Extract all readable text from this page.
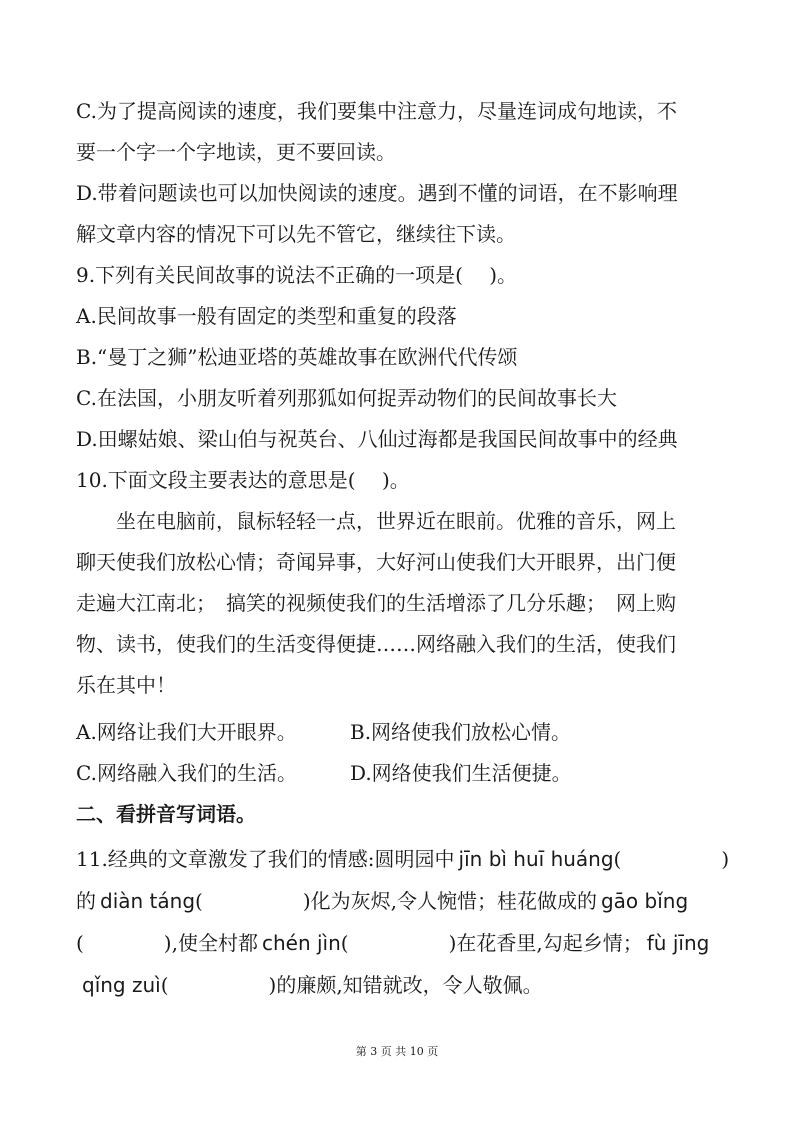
C.为了提高阅读的速度，我们要集中注意力，尽量连词成句地读，不
要一个字一个字地读，更不要回读。
D.带着问题读也可以加快阅读的速度。遇到不懂的词语，在不影响理
解文章内容的情况下可以先不管它，继续往下读。
9.下列有关民间故事的说法不正确的一项是(　 )。
A.民间故事一般有固定的类型和重复的段落
B.“曼丁之狮”松迪亚塔的英雄故事在欧洲代代传颂
C.在法国，小朋友听着列那狐如何捉弄动物们的民间故事长大
D.田螺姑娘、梁山伯与祝英台、八仙过海都是我国民间故事中的经典
10.下面文段主要表达的意思是(　 )。
坐在电脑前，鼠标轻轻一点，世界近在眼前。优雅的音乐，网上
聊天使我们放松心情；奇闻异事，大好河山使我们大开眼界，出门便
走遍大江南北；　搞笑的视频使我们的生活增添了几分乐趣；　网上购
物、读书，使我们的生活变得便捷……网络融入我们的生活，使我们
乐在其中！
A.网络让我们大开眼界。	B.网络使我们放松心情。
C.网络融入我们的生活。	D.网络使我们生活便捷。
二、看拼音写词语。
11.经典的文章激发了我们的情感:圆明园中 jīn bì huī huáng(　　　　　)
的 diàn táng(　　　　　)化为灰烬,令人惋惜；桂花做成的 gāo bǐng
(　　　　),使全村都 chén jìn(　　　　　)在花香里,勾起乡情； fù jīng
qǐng zuì(　　　　　)的廉颇,知错就改，令人敬佩。
第 3 页 共 10 页
